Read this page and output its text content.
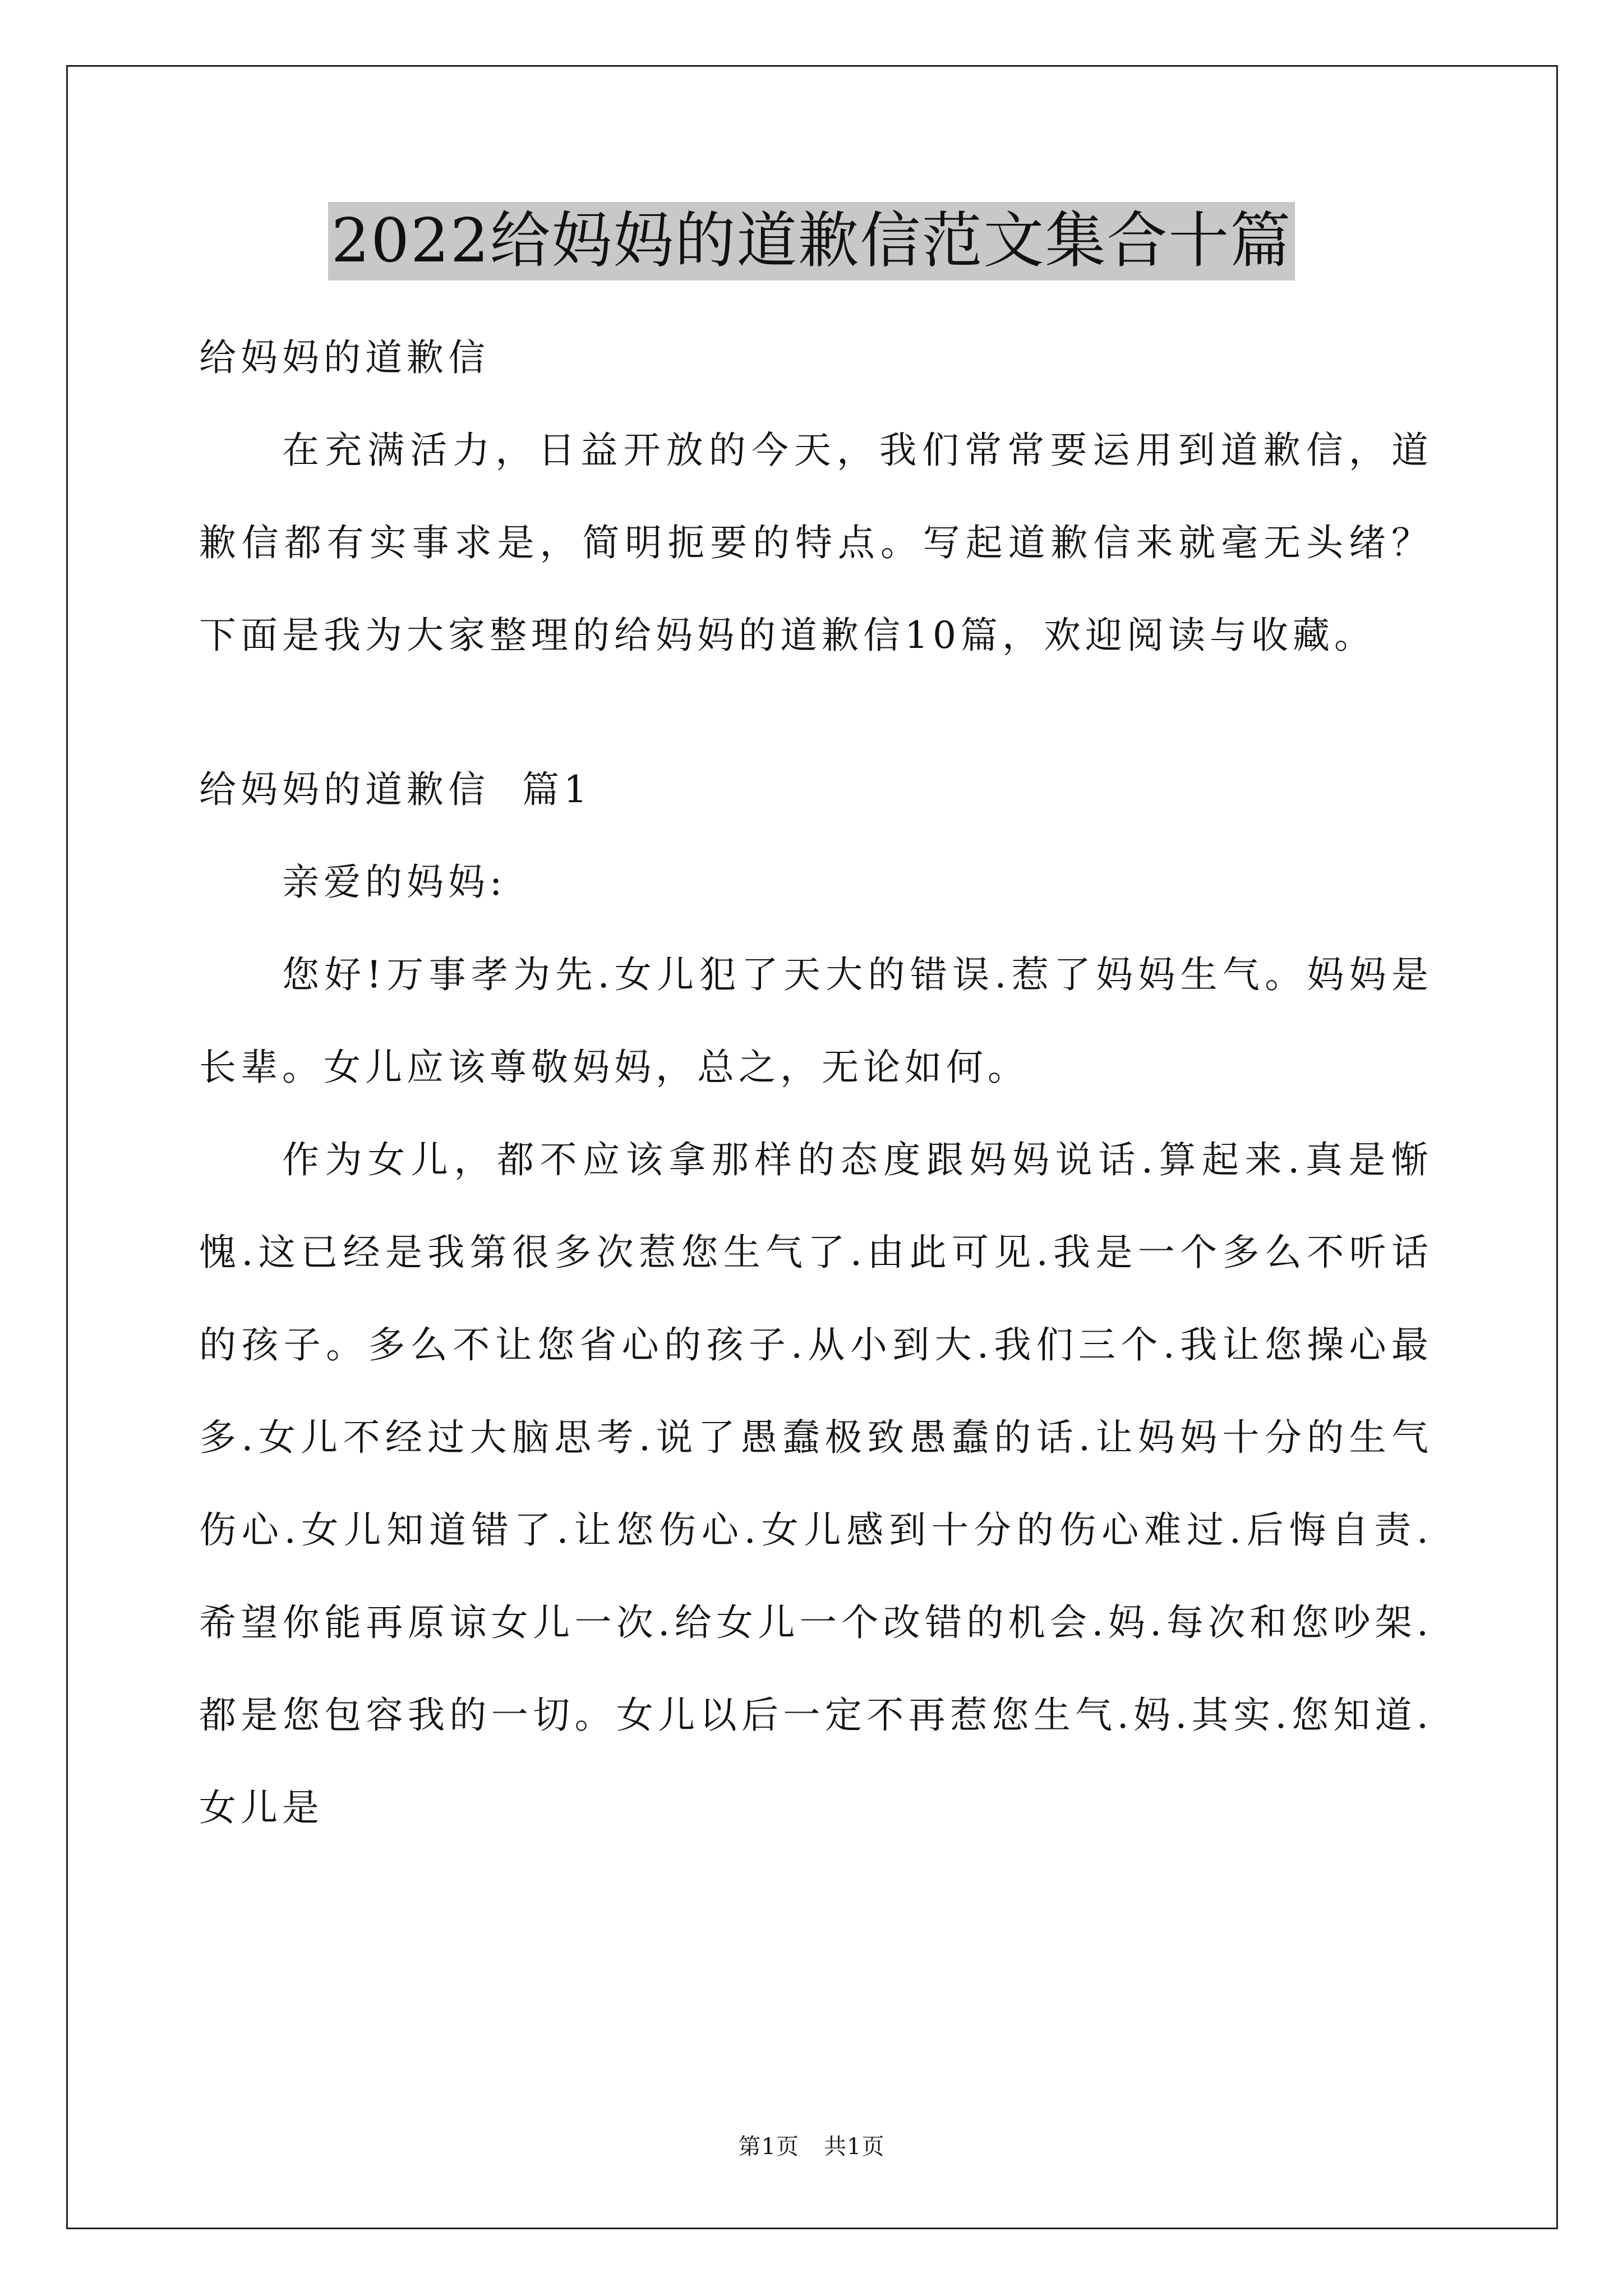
2022给妈妈的道歉信范文集合十篇
给妈妈的道歉信

在充满活力，日益开放的今天，我们常常要运用到道歉信，道歉信都有实事求是，简明扼要的特点。写起道歉信来就毫无头绪？下面是我为大家整理的给妈妈的道歉信10篇，欢迎阅读与收藏。

给妈妈的道歉信  篇1
亲爱的妈妈:

您好!万事孝为先.女儿犯了天大的错误.惹了妈妈生气。妈妈是长辈。女儿应该尊敬妈妈，总之，无论如何。

作为女儿，都不应该拿那样的态度跟妈妈说话.算起来.真是惭愧.这已经是我第很多次惹您生气了.由此可见.我是一个多么不听话的孩子。多么不让您省心的孩子.从小到大.我们三个.我让您操心最多.女儿不经过大脑思考.说了愚蠢极致愚蠢的话.让妈妈十分的生气伤心.女儿知道错了.让您伤心.女儿感到十分的伤心难过.后悔自责.希望你能再原谅女儿一次.给女儿一个改错的机会.妈.每次和您吵架.都是您包容我的一切。女儿以后一定不再惹您生气.妈.其实.您知道.女儿是

第1页 共1页
